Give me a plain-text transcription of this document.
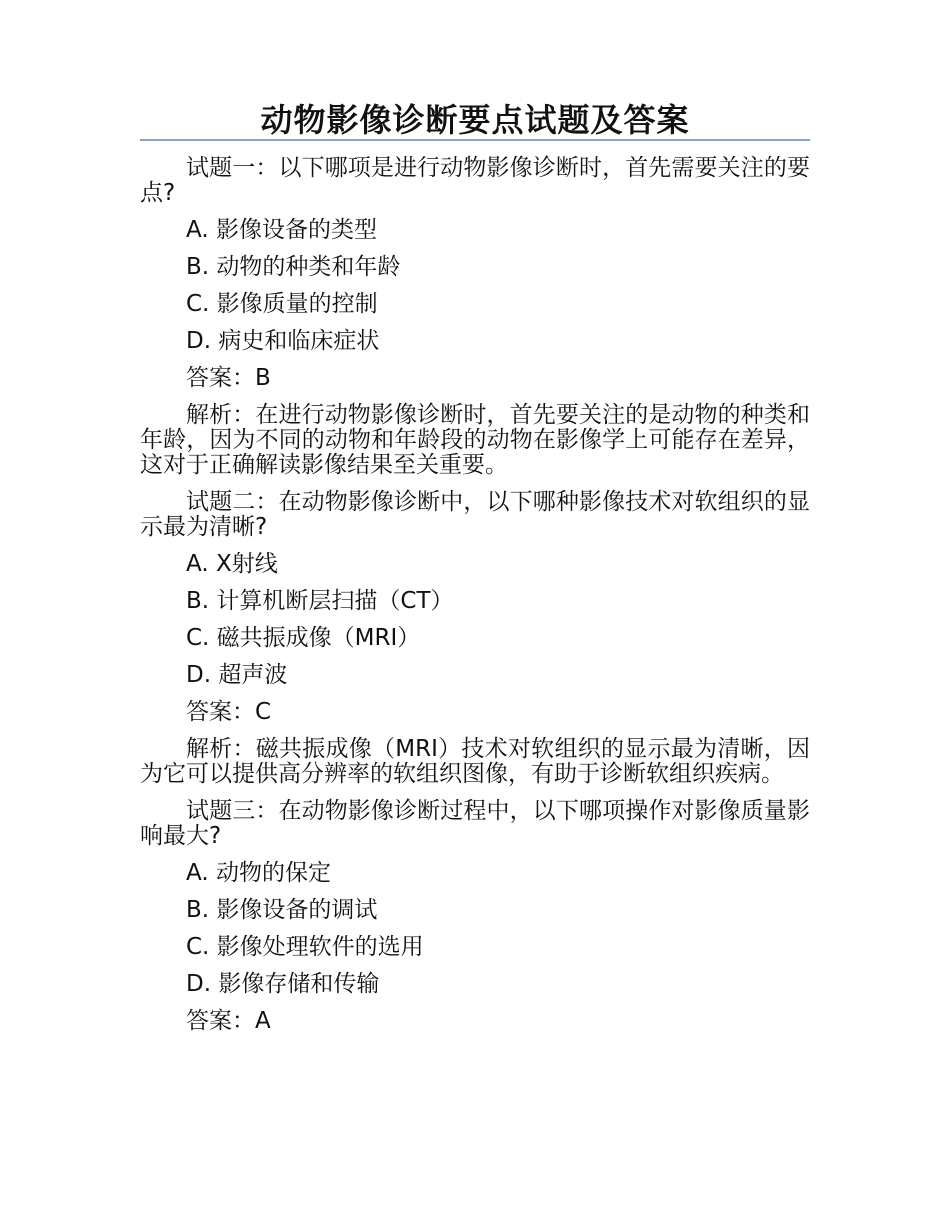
动物影像诊断要点试题及答案

试题一：以下哪项是进行动物影像诊断时，首先需要关注的要点?

A. 影像设备的类型

B. 动物的种类和年龄

C. 影像质量的控制

D. 病史和临床症状

答案：B

解析：在进行动物影像诊断时，首先要关注的是动物的种类和年龄，因为不同的动物和年龄段的动物在影像学上可能存在差异，这对于正确解读影像结果至关重要。

试题二：在动物影像诊断中，以下哪种影像技术对软组织的显示最为清晰?

A. X射线

B. 计算机断层扫描（CT）

C. 磁共振成像（MRI）

D. 超声波

答案：C

解析：磁共振成像（MRI）技术对软组织的显示最为清晰，因为它可以提供高分辨率的软组织图像，有助于诊断软组织疾病。

试题三：在动物影像诊断过程中，以下哪项操作对影像质量影响最大?

A. 动物的保定

B. 影像设备的调试

C. 影像处理软件的选用

D. 影像存储和传输

答案：A
